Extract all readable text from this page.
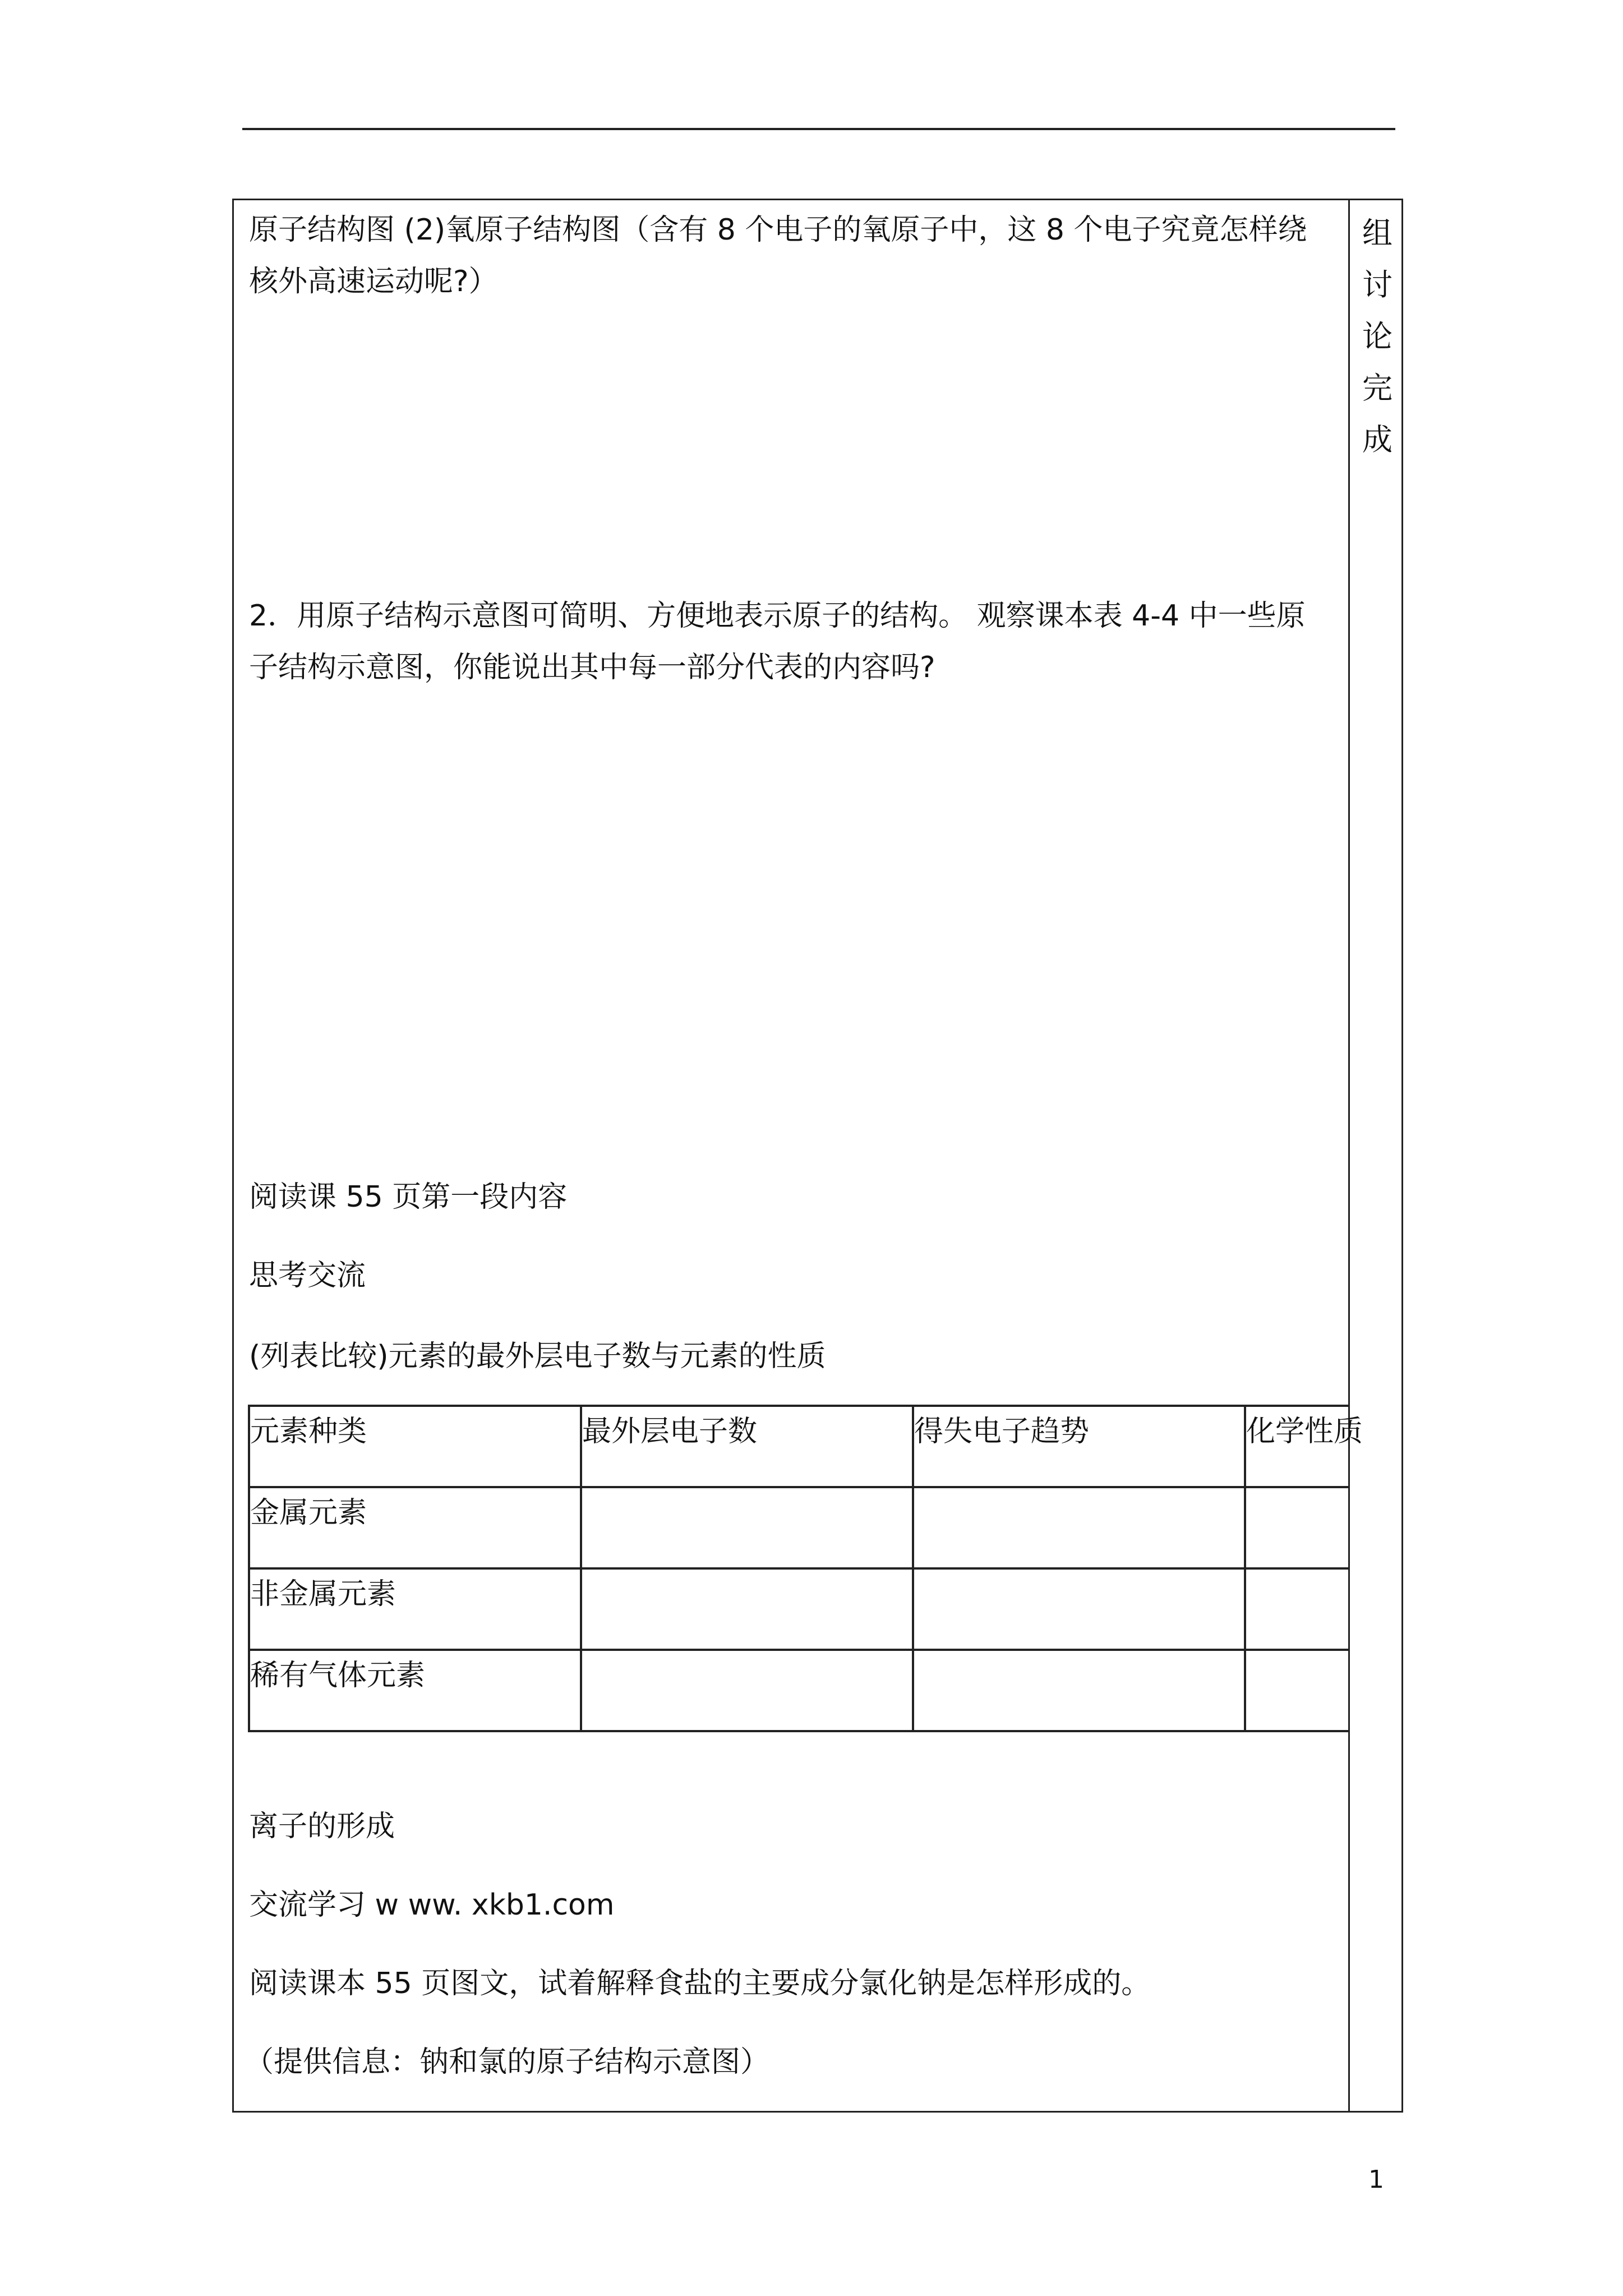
组
讨
论
完
成
原子结构图 (2)氧原子结构图（含有 8 个电子的氧原子中，这 8 个电子究竟怎样绕核外高速运动呢?）
2．用原子结构示意图可简明、方便地表示原子的结构。 观察课本表 4-4 中一些原子结构示意图，你能说出其中每一部分代表的内容吗?
阅读课 55 页第一段内容
思考交流
(列表比较)元素的最外层电子数与元素的性质
元素种类	最外层电子数	得失电子趋势	化学性质
金属元素			
非金属元素			
稀有气体元素			
离子的形成
交流学习 w ww. xkb1.com
阅读课本 55 页图文，试着解释食盐的主要成分氯化钠是怎样形成的。
（提供信息：钠和氯的原子结构示意图）
1
